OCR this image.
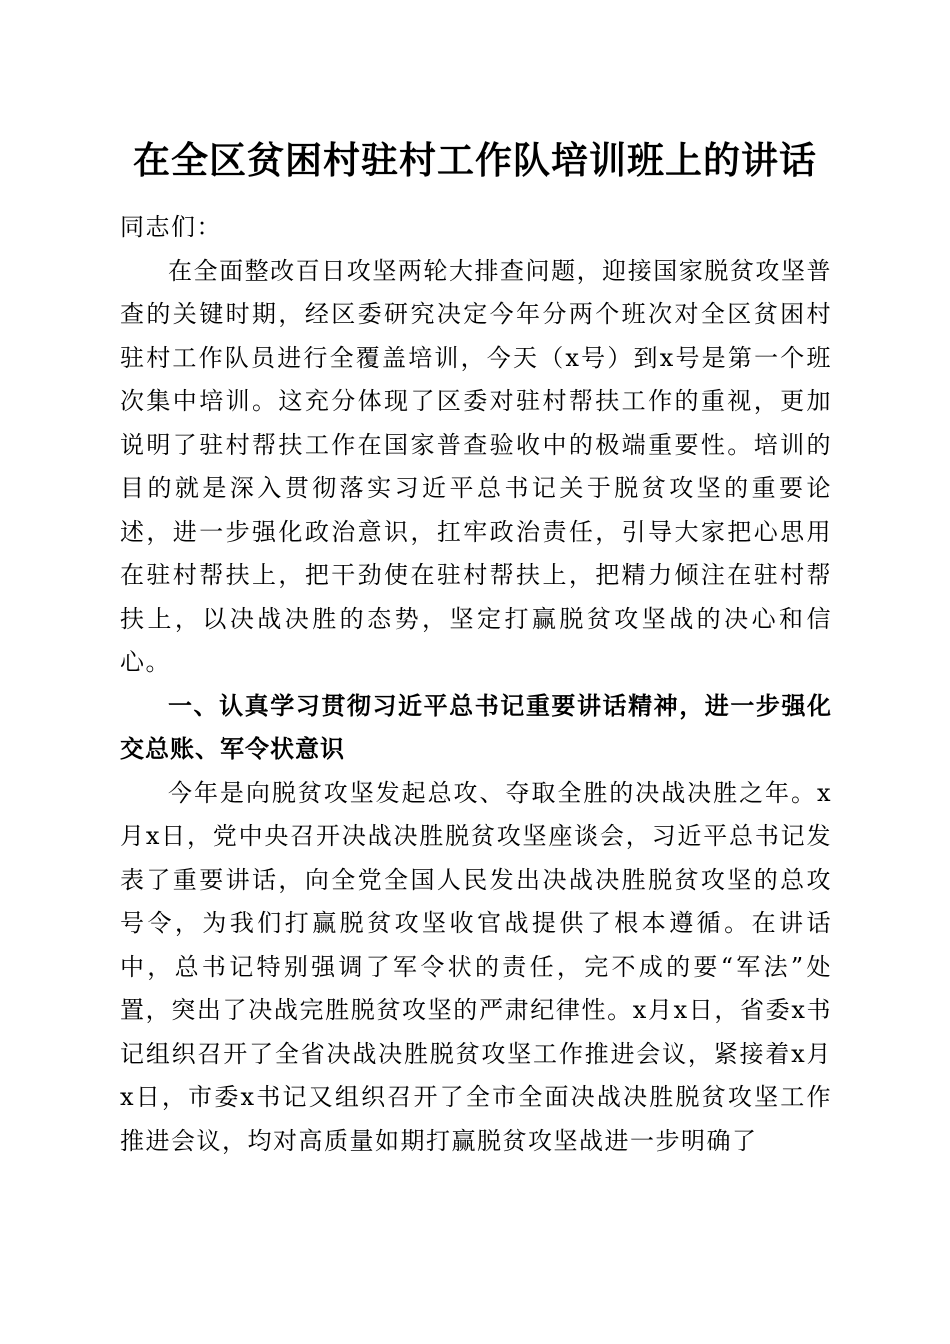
在全区贫困村驻村工作队培训班上的讲话

同志们：

在全面整改百日攻坚两轮大排查问题，迎接国家脱贫攻坚普查的关键时期，经区委研究决定今年分两个班次对全区贫困村驻村工作队员进行全覆盖培训，今天（x号）到x号是第一个班次集中培训。这充分体现了区委对驻村帮扶工作的重视，更加说明了驻村帮扶工作在国家普查验收中的极端重要性。培训的目的就是深入贯彻落实习近平总书记关于脱贫攻坚的重要论述，进一步强化政治意识，扛牢政治责任，引导大家把心思用在驻村帮扶上，把干劲使在驻村帮扶上，把精力倾注在驻村帮扶上，以决战决胜的态势，坚定打赢脱贫攻坚战的决心和信心。

一、认真学习贯彻习近平总书记重要讲话精神，进一步强化交总账、军令状意识

今年是向脱贫攻坚发起总攻、夺取全胜的决战决胜之年。x月x日，党中央召开决战决胜脱贫攻坚座谈会，习近平总书记发表了重要讲话，向全党全国人民发出决战决胜脱贫攻坚的总攻号令，为我们打赢脱贫攻坚收官战提供了根本遵循。在讲话中，总书记特别强调了军令状的责任，完不成的要“军法”处置，突出了决战完胜脱贫攻坚的严肃纪律性。x月x日，省委x书记组织召开了全省决战决胜脱贫攻坚工作推进会议，紧接着x月x日，市委x书记又组织召开了全市全面决战决胜脱贫攻坚工作推进会议，均对高质量如期打赢脱贫攻坚战进一步明确了
